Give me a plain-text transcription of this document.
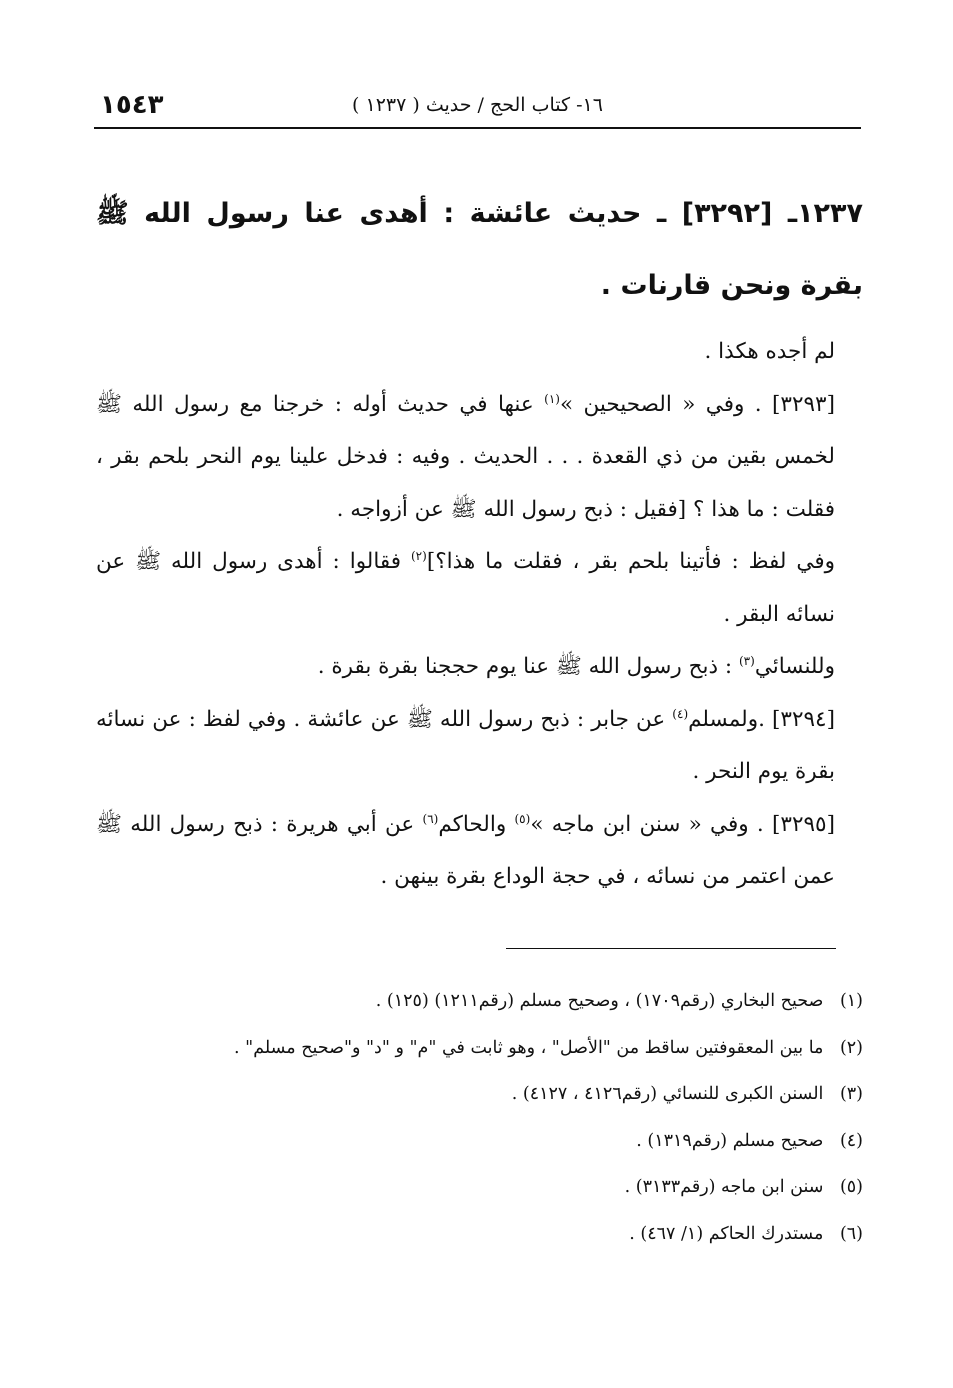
١٥٤٣	١٦- كتاب الحج / حديث ( ١٢٣٧ )

١٢٣٧ـ [٣٢٩٢] ـ حديث عائشة : أهدى عنا رسول الله ﷺ بقرة ونحن قارنات .

لم أجده هكذا .

[٣٢٩٣] . وفي « الصحيحين »$^{(١)}$ عنها في حديث أوله : خرجنا مع رسول الله ﷺ لخمس بقين من ذي القعدة . . . الحديث . وفيه : فدخل علينا يوم النحر بلحم بقر ، فقلت : ما هذا ؟ [فقيل : ذبح رسول الله ﷺ عن أزواجه .

وفي لفظ : فأتينا بلحم بقر ، فقلت ما هذا؟]$^{(٢)}$ فقالوا : أهدى رسول الله ﷺ عن نسائه البقر .

وللنسائي$^{(٣)}$ : ذبح رسول الله ﷺ عنا يوم حججنا بقرة بقرة .

[٣٢٩٤] .ولمسلم$^{(٤)}$ عن جابر : ذبح رسول الله ﷺ عن عائشة . وفي لفظ : عن نسائه بقرة يوم النحر .

[٣٢٩٥] . وفي « سنن ابن ماجه »$^{(٥)}$ والحاكم$^{(٦)}$ عن أبي هريرة : ذبح رسول الله ﷺ عمن اعتمر من نسائه ، في حجة الوداع بقرة بينهن .

(١) صحيح البخاري (رقم١٧٠٩) ، وصحيح مسلم (رقم١٢١١) (١٢٥) .

(٢) ما بين المعقوفتين ساقط من "الأصل" ، وهو ثابت في "م" و "د" و"صحيح مسلم" .

(٣) السنن الكبرى للنسائي (رقم٤١٢٦ ، ٤١٢٧) .

(٤) صحيح مسلم (رقم١٣١٩) .

(٥) سنن ابن ماجه (رقم٣١٣٣) .

(٦) مستدرك الحاكم (١/ ٤٦٧) .
